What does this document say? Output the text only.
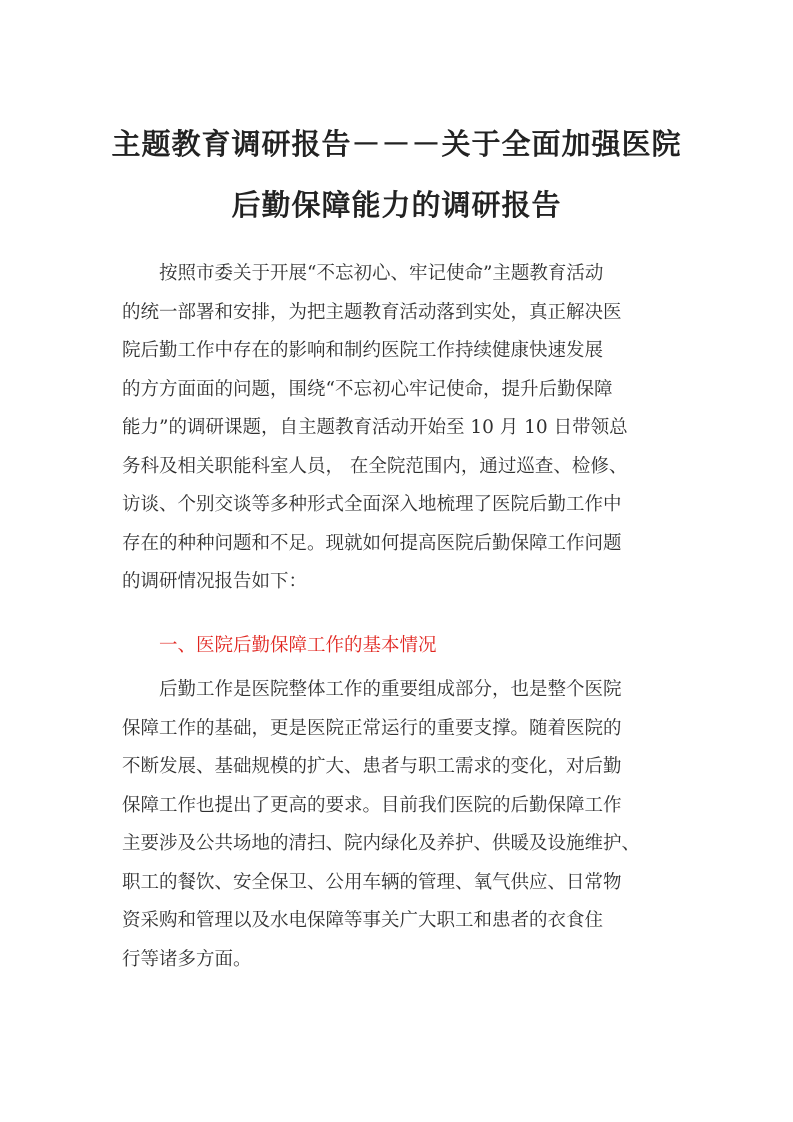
主题教育调研报告－－－关于全面加强医院
后勤保障能力的调研报告
按照市委关于开展“不忘初心、牢记使命”主题教育活动
的统一部署和安排，为把主题教育活动落到实处，真正解决医
院后勤工作中存在的影响和制约医院工作持续健康快速发展
的方方面面的问题，围绕“不忘初心牢记使命，提升后勤保障
能力”的调研课题，自主题教育活动开始至 10 月 10 日带领总
务科及相关职能科室人员， 在全院范围内，通过巡查、检修、
访谈、个别交谈等多种形式全面深入地梳理了医院后勤工作中
存在的种种问题和不足。现就如何提高医院后勤保障工作问题
的调研情况报告如下：
一、医院后勤保障工作的基本情况
后勤工作是医院整体工作的重要组成部分，也是整个医院
保障工作的基础，更是医院正常运行的重要支撑。随着医院的
不断发展、基础规模的扩大、患者与职工需求的变化，对后勤
保障工作也提出了更高的要求。目前我们医院的后勤保障工作
主要涉及公共场地的清扫、院内绿化及养护、供暖及设施维护、
职工的餐饮、安全保卫、公用车辆的管理、氧气供应、日常物
资采购和管理以及水电保障等事关广大职工和患者的衣食住
行等诸多方面。
